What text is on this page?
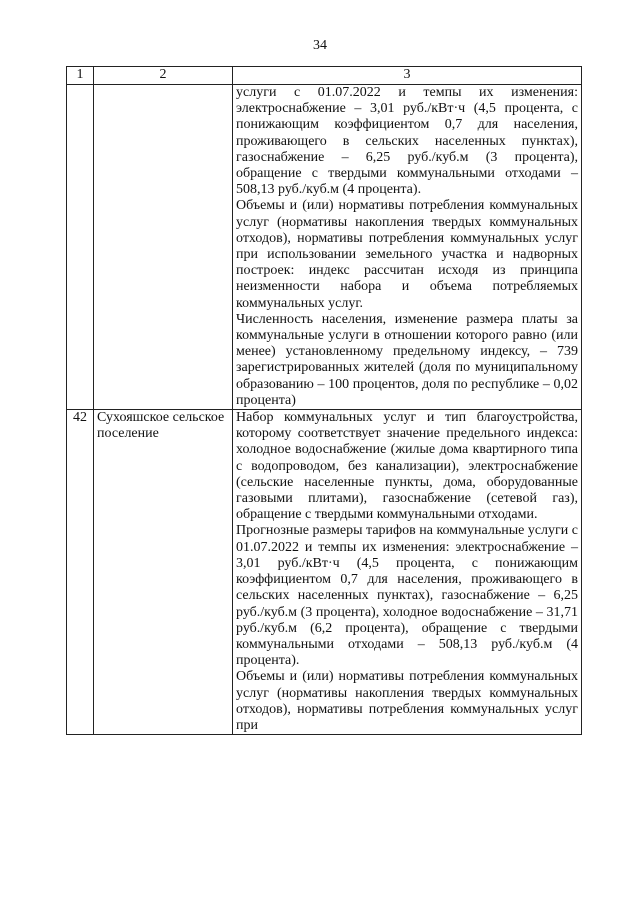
34
1	2	3

		услуги с 01.07.2022 и темпы их изменения: электроснабжение – 3,01 руб./кВт·ч (4,5 процента, с понижающим коэффициентом 0,7 для населения, проживающего в сельских населенных пунктах), газоснабжение – 6,25 руб./куб.м (3 процента), обращение с твердыми коммунальными отходами – 508,13 руб./куб.м (4 процента).

Объемы и (или) нормативы потребления коммунальных услуг (нормативы накопления твердых коммунальных отходов), нормативы потребления коммунальных услуг при использовании земельного участка и надворных построек: индекс рассчитан исходя из принципа неизменности набора и объема потребляемых коммунальных услуг.

Численность населения, изменение размера платы за коммунальные услуги в отношении которого равно (или менее) установленному предельному индексу, – 739 зарегистрированных жителей (доля по муниципальному образованию – 100 процентов, доля по республике – 0,02 процента)

42	Сухояшское сельское поселение	Набор коммунальных услуг и тип благоустройства, которому соответствует значение предельного индекса: холодное водоснабжение (жилые дома квартирного типа с водопроводом, без канализации), электроснабжение (сельские населенные пункты, дома, оборудованные газовыми плитами), газоснабжение (сетевой газ), обращение с твердыми коммунальными отходами.

Прогнозные размеры тарифов на коммунальные услуги с 01.07.2022 и темпы их изменения: электроснабжение – 3,01 руб./кВт·ч (4,5 процента, с понижающим коэффициентом 0,7 для населения, проживающего в сельских населенных пунктах), газоснабжение – 6,25 руб./куб.м (3 процента), холодное водоснабжение – 31,71 руб./куб.м (6,2 процента), обращение с твердыми коммунальными отходами – 508,13 руб./куб.м (4 процента).

Объемы и (или) нормативы потребления коммунальных услуг (нормативы накопления твердых коммунальных отходов), нормативы потребления коммунальных услуг при
